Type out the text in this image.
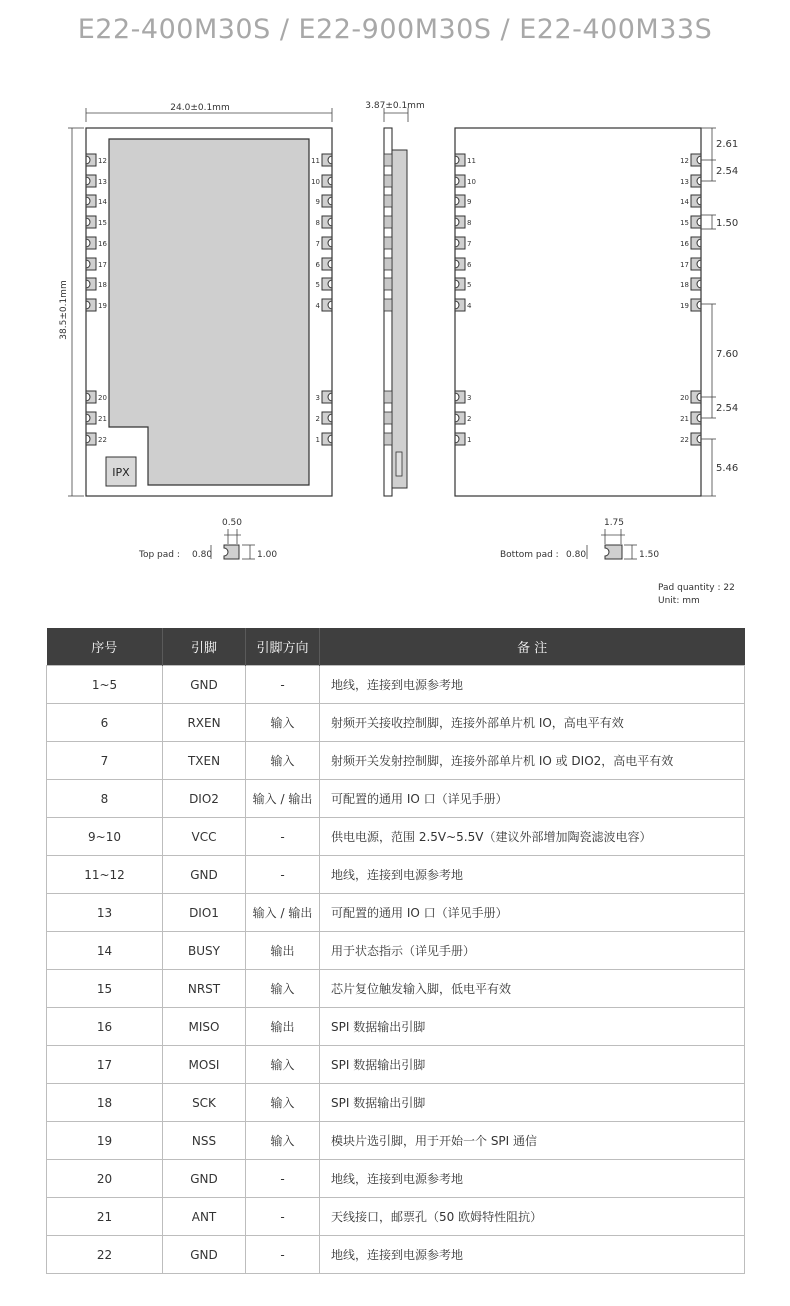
E22-400M30S / E22-900M30S / E22-400M33S
24.0±0.1mm
38.5±0.1mm
IPX
12
13
14
15
16
17
18
19
20
21
22
11
10
9
8
7
6
5
4
3
2
1
3.87±0.1mm
11
10
9
8
7
6
5
4
3
2
1
12
13
14
15
16
17
18
19
20
21
22
2.61
2.54
1.50
7.60
2.54
5.46
Top pad : 0.80
0.50
1.00	Bottom pad : 0.80
1.75
1.50
Pad quantity : 22
Unit: mm
序号	引脚	引脚方向	备 注
1~5	GND	-	地线，连接到电源参考地
6	RXEN	输入	射频开关接收控制脚，连接外部单片机 IO，高电平有效
7	TXEN	输入	射频开关发射控制脚，连接外部单片机 IO 或 DIO2，高电平有效
8	DIO2	输入 / 输出	可配置的通用 IO 口（详见手册）
9~10	VCC	-	供电电源，范围 2.5V~5.5V（建议外部增加陶瓷滤波电容）
11~12	GND	-	地线，连接到电源参考地
13	DIO1	输入 / 输出	可配置的通用 IO 口（详见手册）
14	BUSY	输出	用于状态指示（详见手册）
15	NRST	输入	芯片复位触发输入脚，低电平有效
16	MISO	输出	SPI 数据输出引脚
17	MOSI	输入	SPI 数据输出引脚
18	SCK	输入	SPI 数据输出引脚
19	NSS	输入	模块片选引脚，用于开始一个 SPI 通信
20	GND	-	地线，连接到电源参考地
21	ANT	-	天线接口，邮票孔（50 欧姆特性阻抗）
22	GND	-	地线，连接到电源参考地
